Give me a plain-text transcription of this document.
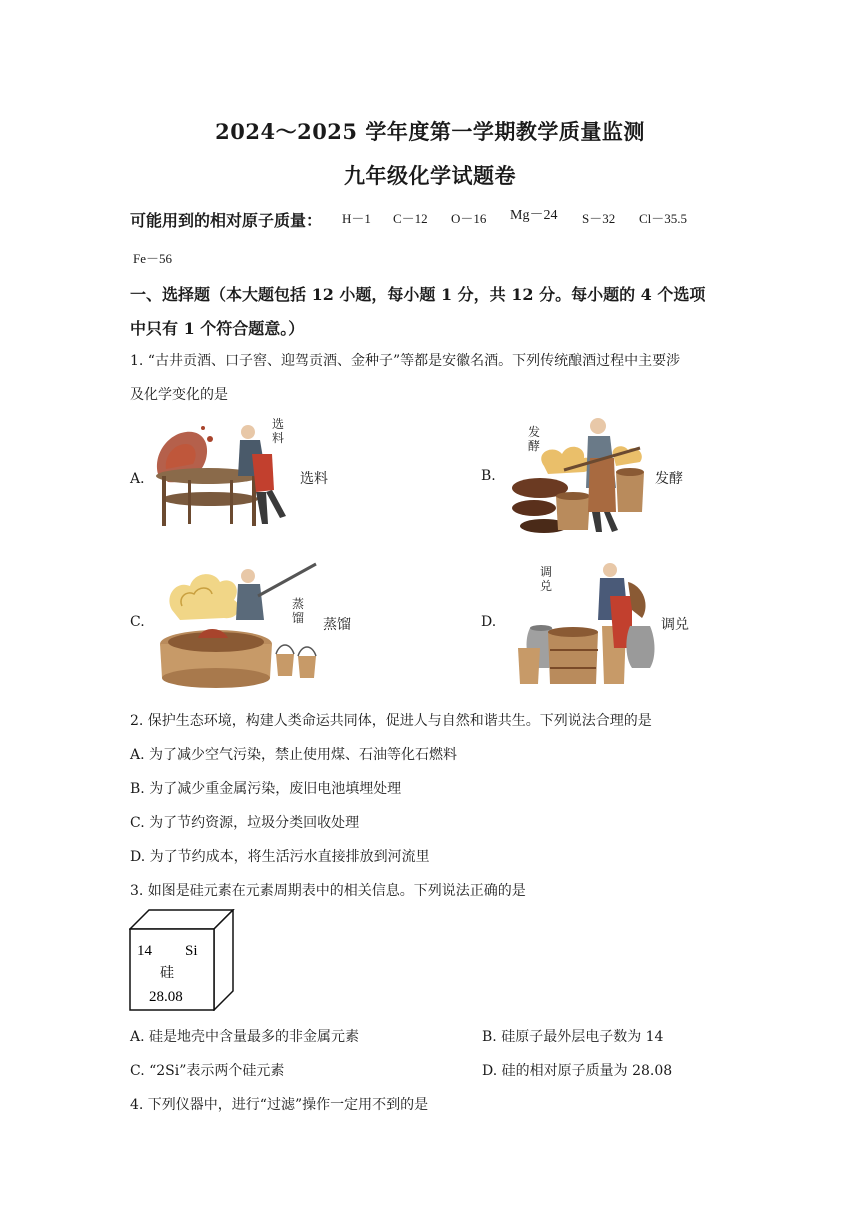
2024～2025 学年度第一学期教学质量监测
九年级化学试题卷
可能用到的相对原子质量： H－1 C－12 O－16 Mg－24 S－32 Cl－35.5
Fe－56
一、选择题（本大题包括 12 小题，每小题 1 分，共 12 分。每小题的 4 个选项
中只有 1 个符合题意。）
1. “古井贡酒、口子窖、迎驾贡酒、金种子”等都是安徽名酒。下列传统酿酒过程中主要涉
及化学变化的是
A．
选
料
选料	B.
发
酵
发酵
C.
蒸
馏 蒸馏	D.
调
兑
调兑
2. 保护生态环境，构建人类命运共同体，促进人与自然和谐共生。下列说法合理的是
A. 为了减少空气污染，禁止使用煤、石油等化石燃料
B. 为了减少重金属污染，废旧电池填埋处理
C. 为了节约资源，垃圾分类回收处理
D. 为了节约成本，将生活污水直接排放到河流里
3. 如图是硅元素在元素周期表中的相关信息。下列说法正确的是
14 Si
硅
28.08
A. 硅是地壳中含量最多的非金属元素	B. 硅原子最外层电子数为 14
C. “2Si”表示两个硅元素	D. 硅的相对原子质量为 28.08
4. 下列仪器中，进行“过滤”操作一定用不到的是
